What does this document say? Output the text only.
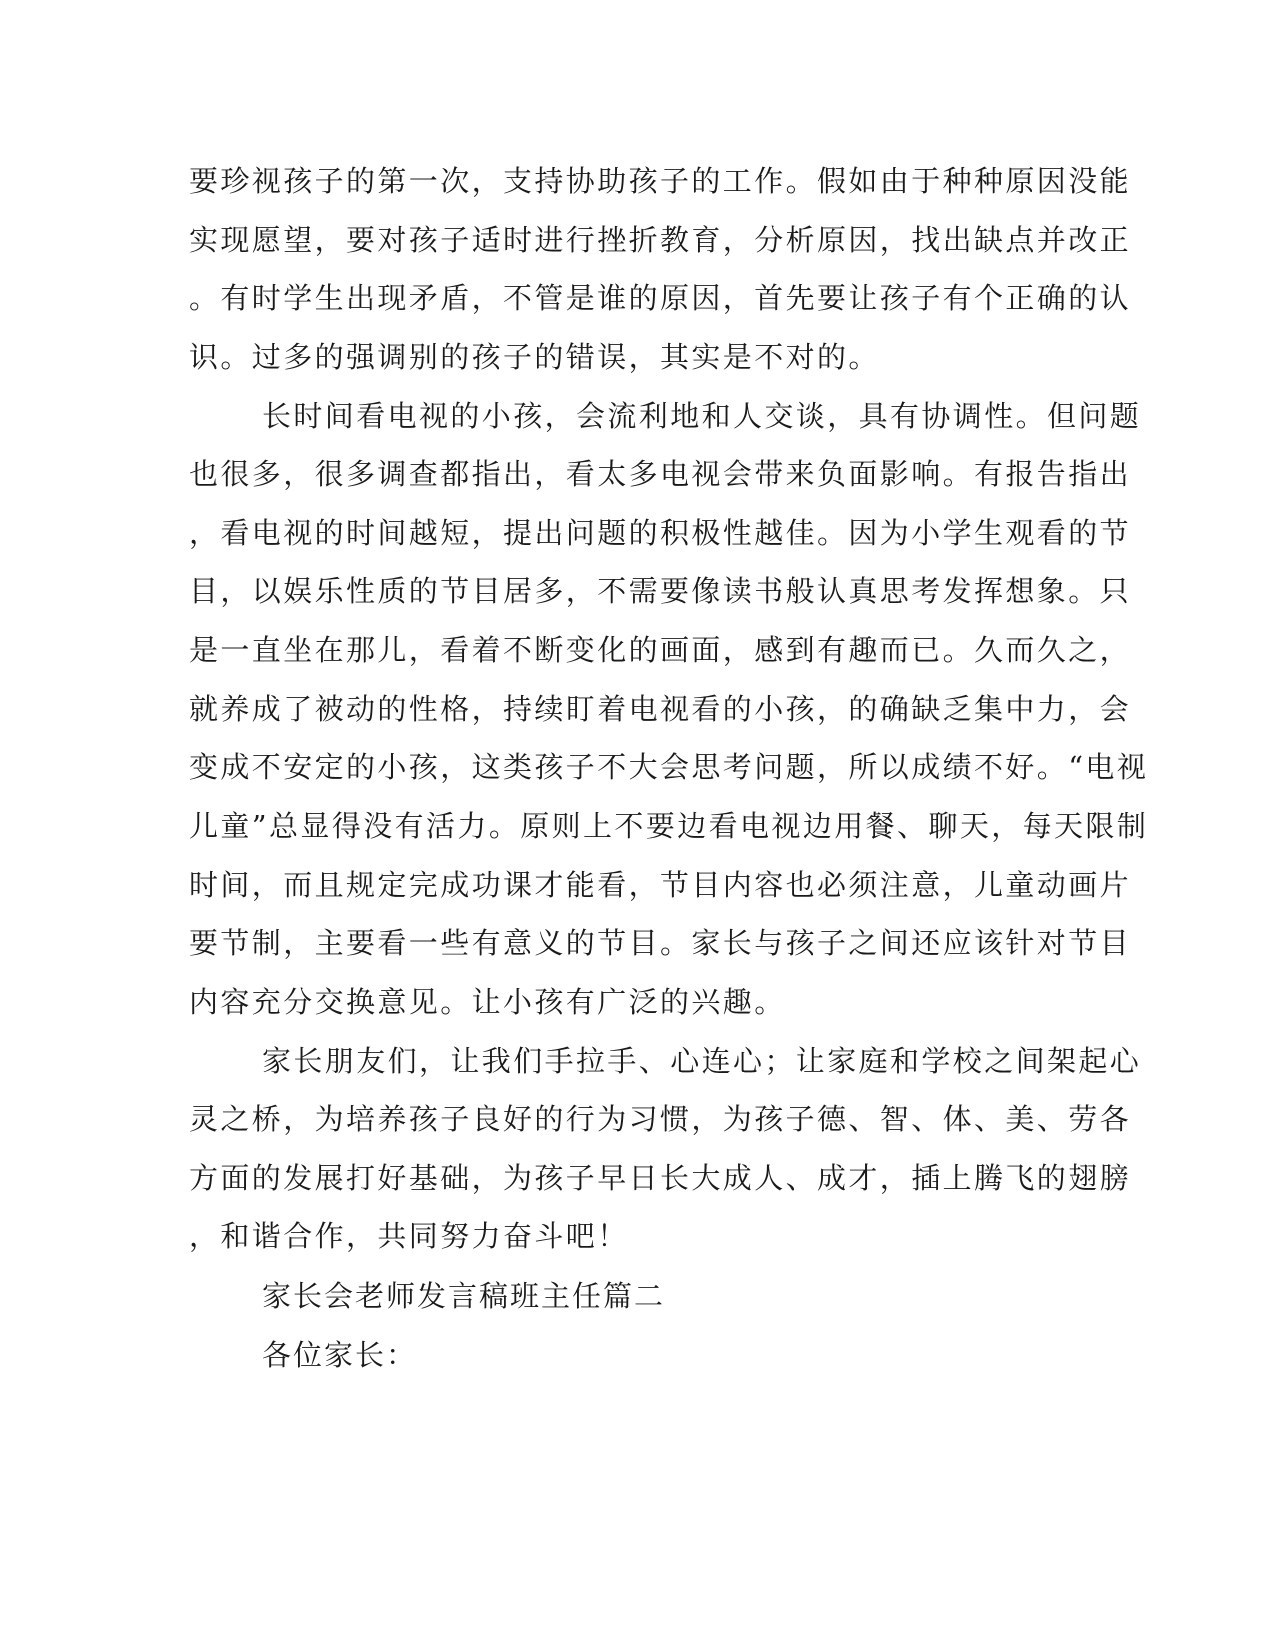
要珍视孩子的第一次，支持协助孩子的工作。假如由于种种原因没能
实现愿望，要对孩子适时进行挫折教育，分析原因，找出缺点并改正
。有时学生出现矛盾，不管是谁的原因，首先要让孩子有个正确的认
识。过多的强调别的孩子的错误，其实是不对的。
长时间看电视的小孩，会流利地和人交谈，具有协调性。但问题
也很多，很多调查都指出，看太多电视会带来负面影响。有报告指出
，看电视的时间越短，提出问题的积极性越佳。因为小学生观看的节
目，以娱乐性质的节目居多，不需要像读书般认真思考发挥想象。只
是一直坐在那儿，看着不断变化的画面，感到有趣而已。久而久之，
就养成了被动的性格，持续盯着电视看的小孩，的确缺乏集中力，会
变成不安定的小孩，这类孩子不大会思考问题，所以成绩不好。“电视
儿童”总显得没有活力。原则上不要边看电视边用餐、聊天，每天限制
时间，而且规定完成功课才能看，节目内容也必须注意，儿童动画片
要节制，主要看一些有意义的节目。家长与孩子之间还应该针对节目
内容充分交换意见。让小孩有广泛的兴趣。
家长朋友们，让我们手拉手、心连心；让家庭和学校之间架起心
灵之桥，为培养孩子良好的行为习惯，为孩子德、智、体、美、劳各
方面的发展打好基础，为孩子早日长大成人、成才，插上腾飞的翅膀
，和谐合作，共同努力奋斗吧！
家长会老师发言稿班主任篇二
各位家长：
